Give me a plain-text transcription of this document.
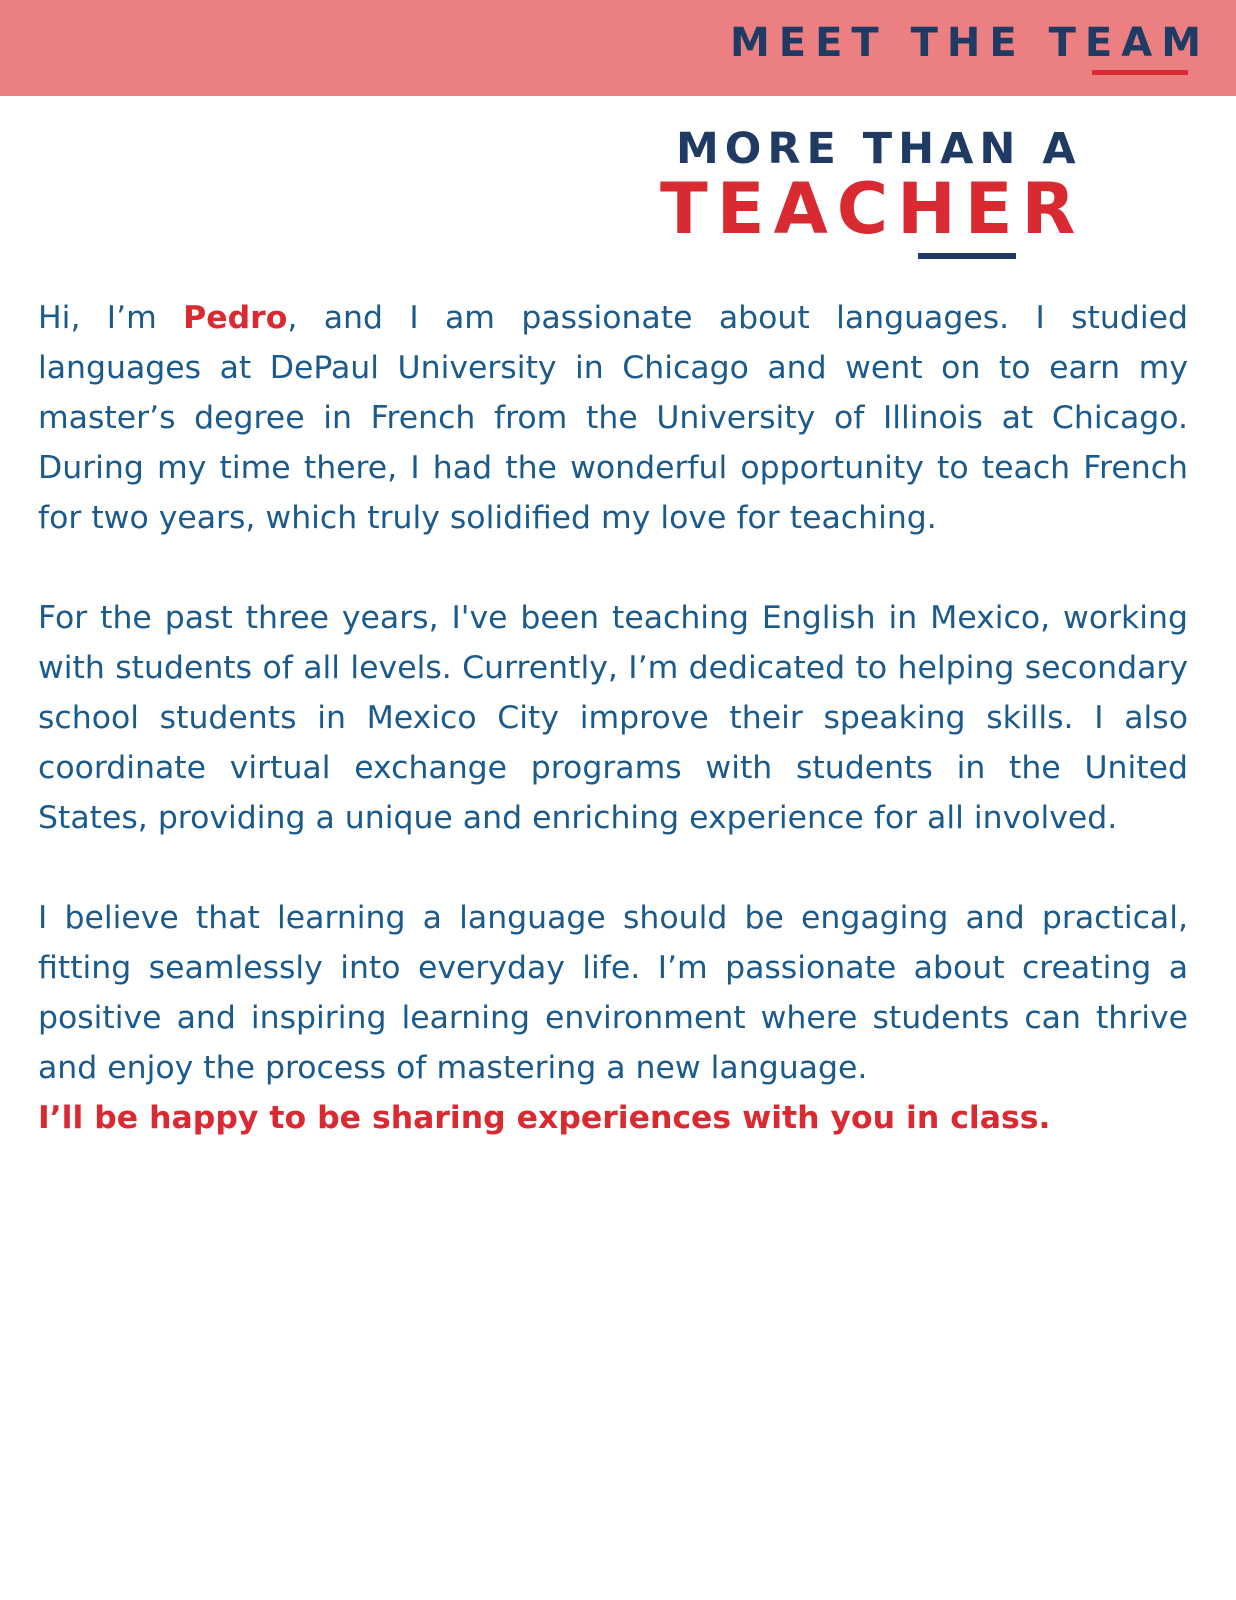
MEET THE TEAM
MORE THAN A
TEACHER

Hi, I’m Pedro, and I am passionate about languages. I studied languages at DePaul University in Chicago and went on to earn my master’s degree in French from the University of Illinois at Chicago. During my time there, I had the wonderful opportunity to teach French for two years, which truly solidified my love for teaching.

For the past three years, I've been teaching English in Mexico, working with students of all levels. Currently, I’m dedicated to helping secondary school students in Mexico City improve their speaking skills. I also coordinate virtual exchange programs with students in the United States, providing a unique and enriching experience for all involved.

I believe that learning a language should be engaging and practical, fitting seamlessly into everyday life. I’m passionate about creating a positive and inspiring learning environment where students can thrive and enjoy the process of mastering a new language.

I’ll be happy to be sharing experiences with you in class.
